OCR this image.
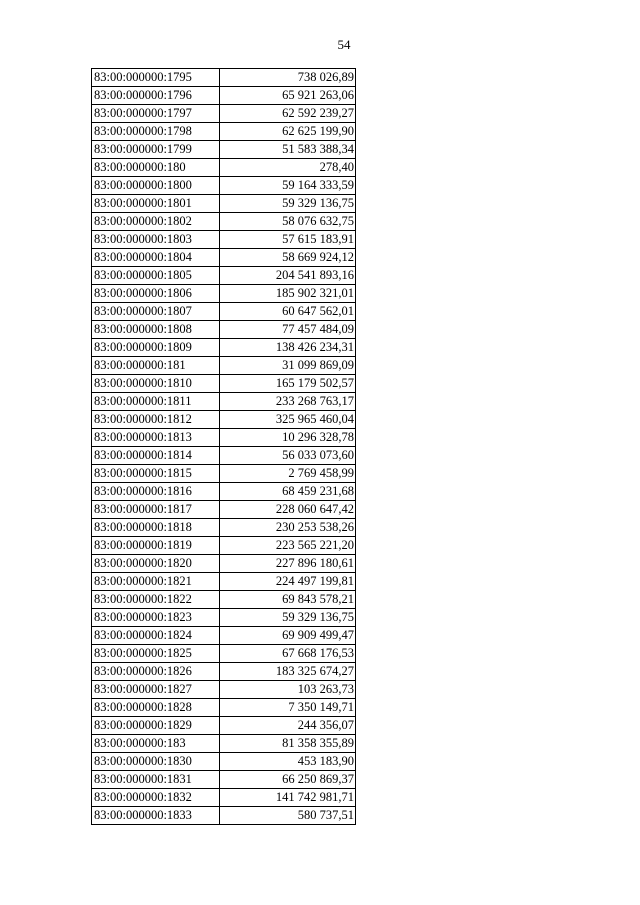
54
83:00:000000:1795	738 026,89
83:00:000000:1796	65 921 263,06
83:00:000000:1797	62 592 239,27
83:00:000000:1798	62 625 199,90
83:00:000000:1799	51 583 388,34
83:00:000000:180	278,40
83:00:000000:1800	59 164 333,59
83:00:000000:1801	59 329 136,75
83:00:000000:1802	58 076 632,75
83:00:000000:1803	57 615 183,91
83:00:000000:1804	58 669 924,12
83:00:000000:1805	204 541 893,16
83:00:000000:1806	185 902 321,01
83:00:000000:1807	60 647 562,01
83:00:000000:1808	77 457 484,09
83:00:000000:1809	138 426 234,31
83:00:000000:181	31 099 869,09
83:00:000000:1810	165 179 502,57
83:00:000000:1811	233 268 763,17
83:00:000000:1812	325 965 460,04
83:00:000000:1813	10 296 328,78
83:00:000000:1814	56 033 073,60
83:00:000000:1815	2 769 458,99
83:00:000000:1816	68 459 231,68
83:00:000000:1817	228 060 647,42
83:00:000000:1818	230 253 538,26
83:00:000000:1819	223 565 221,20
83:00:000000:1820	227 896 180,61
83:00:000000:1821	224 497 199,81
83:00:000000:1822	69 843 578,21
83:00:000000:1823	59 329 136,75
83:00:000000:1824	69 909 499,47
83:00:000000:1825	67 668 176,53
83:00:000000:1826	183 325 674,27
83:00:000000:1827	103 263,73
83:00:000000:1828	7 350 149,71
83:00:000000:1829	244 356,07
83:00:000000:183	81 358 355,89
83:00:000000:1830	453 183,90
83:00:000000:1831	66 250 869,37
83:00:000000:1832	141 742 981,71
83:00:000000:1833	580 737,51
